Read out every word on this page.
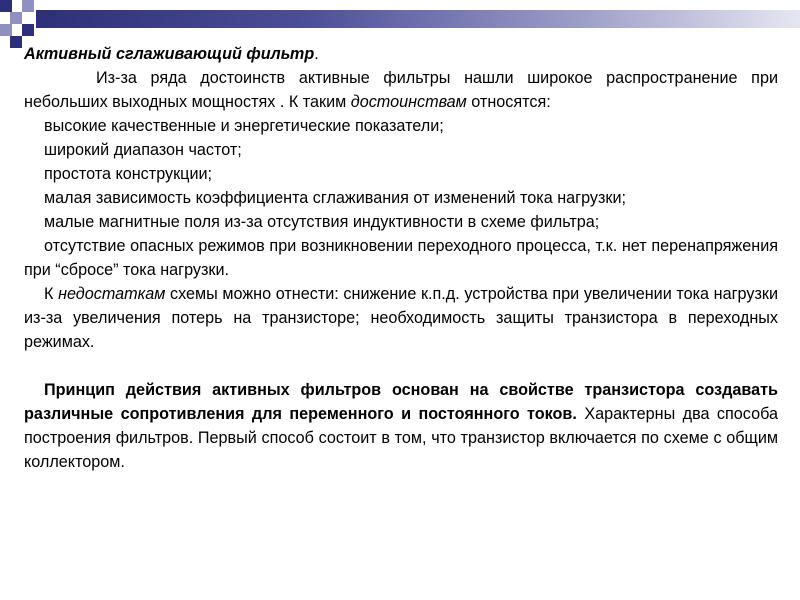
Активный сглаживающий фильтр.

Из-за ряда достоинств активные фильтры нашли широкое распространение при небольших выходных мощностях . К таким достоинствам относятся:

высокие качественные и энергетические показатели;

широкий диапазон частот;

простота конструкции;

малая зависимость коэффициента сглаживания от изменений тока нагрузки;

малые магнитные поля из-за отсутствия индуктивности в схеме фильтра;

отсутствие опасных режимов при возникновении переходного процесса, т.к. нет перенапряжения при “сбросе” тока нагрузки.

К недостаткам схемы можно отнести: снижение к.п.д. устройства при увеличении тока нагрузки из-за увеличения потерь на транзисторе; необходимость защиты транзистора в переходных режимах.

Принцип действия активных фильтров основан на свойстве транзистора создавать различные сопротивления для переменного и постоянного токов. Характерны два способа построения фильтров. Первый способ состоит в том, что транзистор включается по схеме с общим коллектором.
